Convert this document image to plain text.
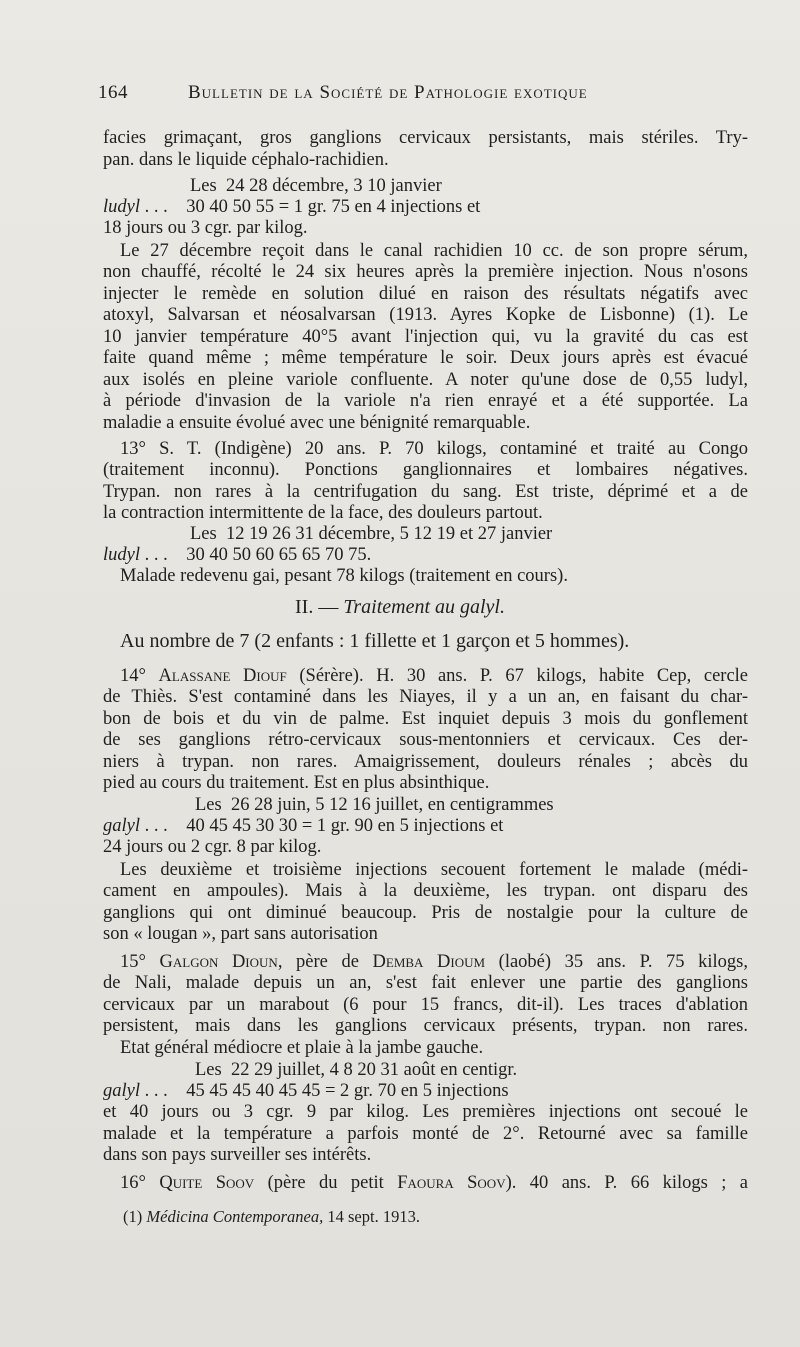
164	Bulletin de la Société de Pathologie exotique
facies grimaçant, gros ganglions cervicaux persistants, mais stériles. Try-
pan. dans le liquide céphalo-rachidien.
Les 24 28 décembre, 3 10 janvier
ludyl . . . 30 40 50 55 = 1 gr. 75 en 4 injections et
18 jours ou 3 cgr. par kilog.
Le 27 décembre reçoit dans le canal rachidien 10 cc. de son propre sérum,
non chauffé, récolté le 24 six heures après la première injection. Nous n'osons
injecter le remède en solution dilué en raison des résultats négatifs avec
atoxyl, Salvarsan et néosalvarsan (1913. Ayres Kopke de Lisbonne) (1). Le
10 janvier température 40°5 avant l'injection qui, vu la gravité du cas est
faite quand même ; même température le soir. Deux jours après est évacué
aux isolés en pleine variole confluente. A noter qu'une dose de 0,55 ludyl,
à période d'invasion de la variole n'a rien enrayé et a été supportée. La
maladie a ensuite évolué avec une bénignité remarquable.
13° S. T. (Indigène) 20 ans. P. 70 kilogs, contaminé et traité au Congo
(traitement inconnu). Ponctions ganglionnaires et lombaires négatives.
Trypan. non rares à la centrifugation du sang. Est triste, déprimé et a de
la contraction intermittente de la face, des douleurs partout.
Les 12 19 26 31 décembre, 5 12 19 et 27 janvier
ludyl . . . 30 40 50 60 65 65 70 75.
Malade redevenu gai, pesant 78 kilogs (traitement en cours).
II. — Traitement au galyl.
Au nombre de 7 (2 enfants : 1 fillette et 1 garçon et 5 hommes).
14° Alassane Diouf (Sérère). H. 30 ans. P. 67 kilogs, habite Cep, cercle
de Thiès. S'est contaminé dans les Niayes, il y a un an, en faisant du char-
bon de bois et du vin de palme. Est inquiet depuis 3 mois du gonflement
de ses ganglions rétro-cervicaux sous-mentonniers et cervicaux. Ces der-
niers à trypan. non rares. Amaigrissement, douleurs rénales ; abcès du
pied au cours du traitement. Est en plus absinthique.
Les 26 28 juin, 5 12 16 juillet, en centigrammes
galyl . . . 40 45 45 30 30 = 1 gr. 90 en 5 injections et
24 jours ou 2 cgr. 8 par kilog.
Les deuxième et troisième injections secouent fortement le malade (médi-
cament en ampoules). Mais à la deuxième, les trypan. ont disparu des
ganglions qui ont diminué beaucoup. Pris de nostalgie pour la culture de
son « lougan », part sans autorisation
15° Galgon Dioun, père de Demba Dioum (laobé) 35 ans. P. 75 kilogs,
de Nali, malade depuis un an, s'est fait enlever une partie des ganglions
cervicaux par un marabout (6 pour 15 francs, dit-il). Les traces d'ablation
persistent, mais dans les ganglions cervicaux présents, trypan. non rares.
Etat général médiocre et plaie à la jambe gauche.
Les 22 29 juillet, 4 8 20 31 août en centigr.
galyl . . . 45 45 45 40 45 45 = 2 gr. 70 en 5 injections
et 40 jours ou 3 cgr. 9 par kilog. Les premières injections ont secoué le
malade et la température a parfois monté de 2°. Retourné avec sa famille
dans son pays surveiller ses intérêts.
16° Quite Soov (père du petit Faoura Soov). 40 ans. P. 66 kilogs ; a
(1) Médicina Contemporanea, 14 sept. 1913.
